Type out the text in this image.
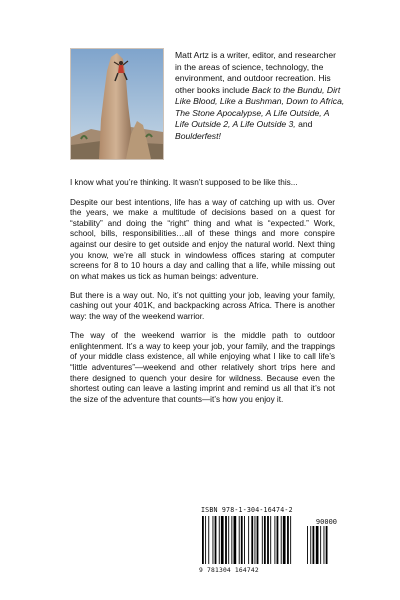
Matt Artz is a writer, editor, and researcher in the areas of science, technology, the environment, and outdoor recreation. His other books include Back to the Bundu, Dirt Like Blood, Like a Bushman, Down to Africa, The Stone Apocalypse, A Life Outside, A Life Outside 2, A Life Outside 3, and Boulderfest!

I know what you’re thinking. It wasn’t supposed to be like this...

Despite our best intentions, life has a way of catching up with us. Over the years, we make a multitude of decisions based on a quest for “stability” and doing the “right” thing and what is “expected.” Work, school, bills, responsibilities…all of these things and more conspire against our desire to get outside and enjoy the natural world. Next thing you know, we’re all stuck in windowless offices staring at computer screens for 8 to 10 hours a day and calling that a life, while missing out on what makes us tick as human beings: adventure.

But there is a way out. No, it’s not quitting your job, leaving your family, cashing out your 401K, and backpacking across Africa. There is another way: the way of the weekend warrior.

The way of the weekend warrior is the middle path to outdoor enlightenment. It’s a way to keep your job, your family, and the trappings of your middle class existence, all while enjoying what I like to call life’s “little adventures”—weekend and other relatively short trips here and there designed to quench your desire for wildness. Because even the shortest outing can leave a lasting imprint and remind us all that it’s not the size of the adventure that counts—it’s how you enjoy it.

ISBN 978-1-304-16474-2
90000
9 781304 164742
